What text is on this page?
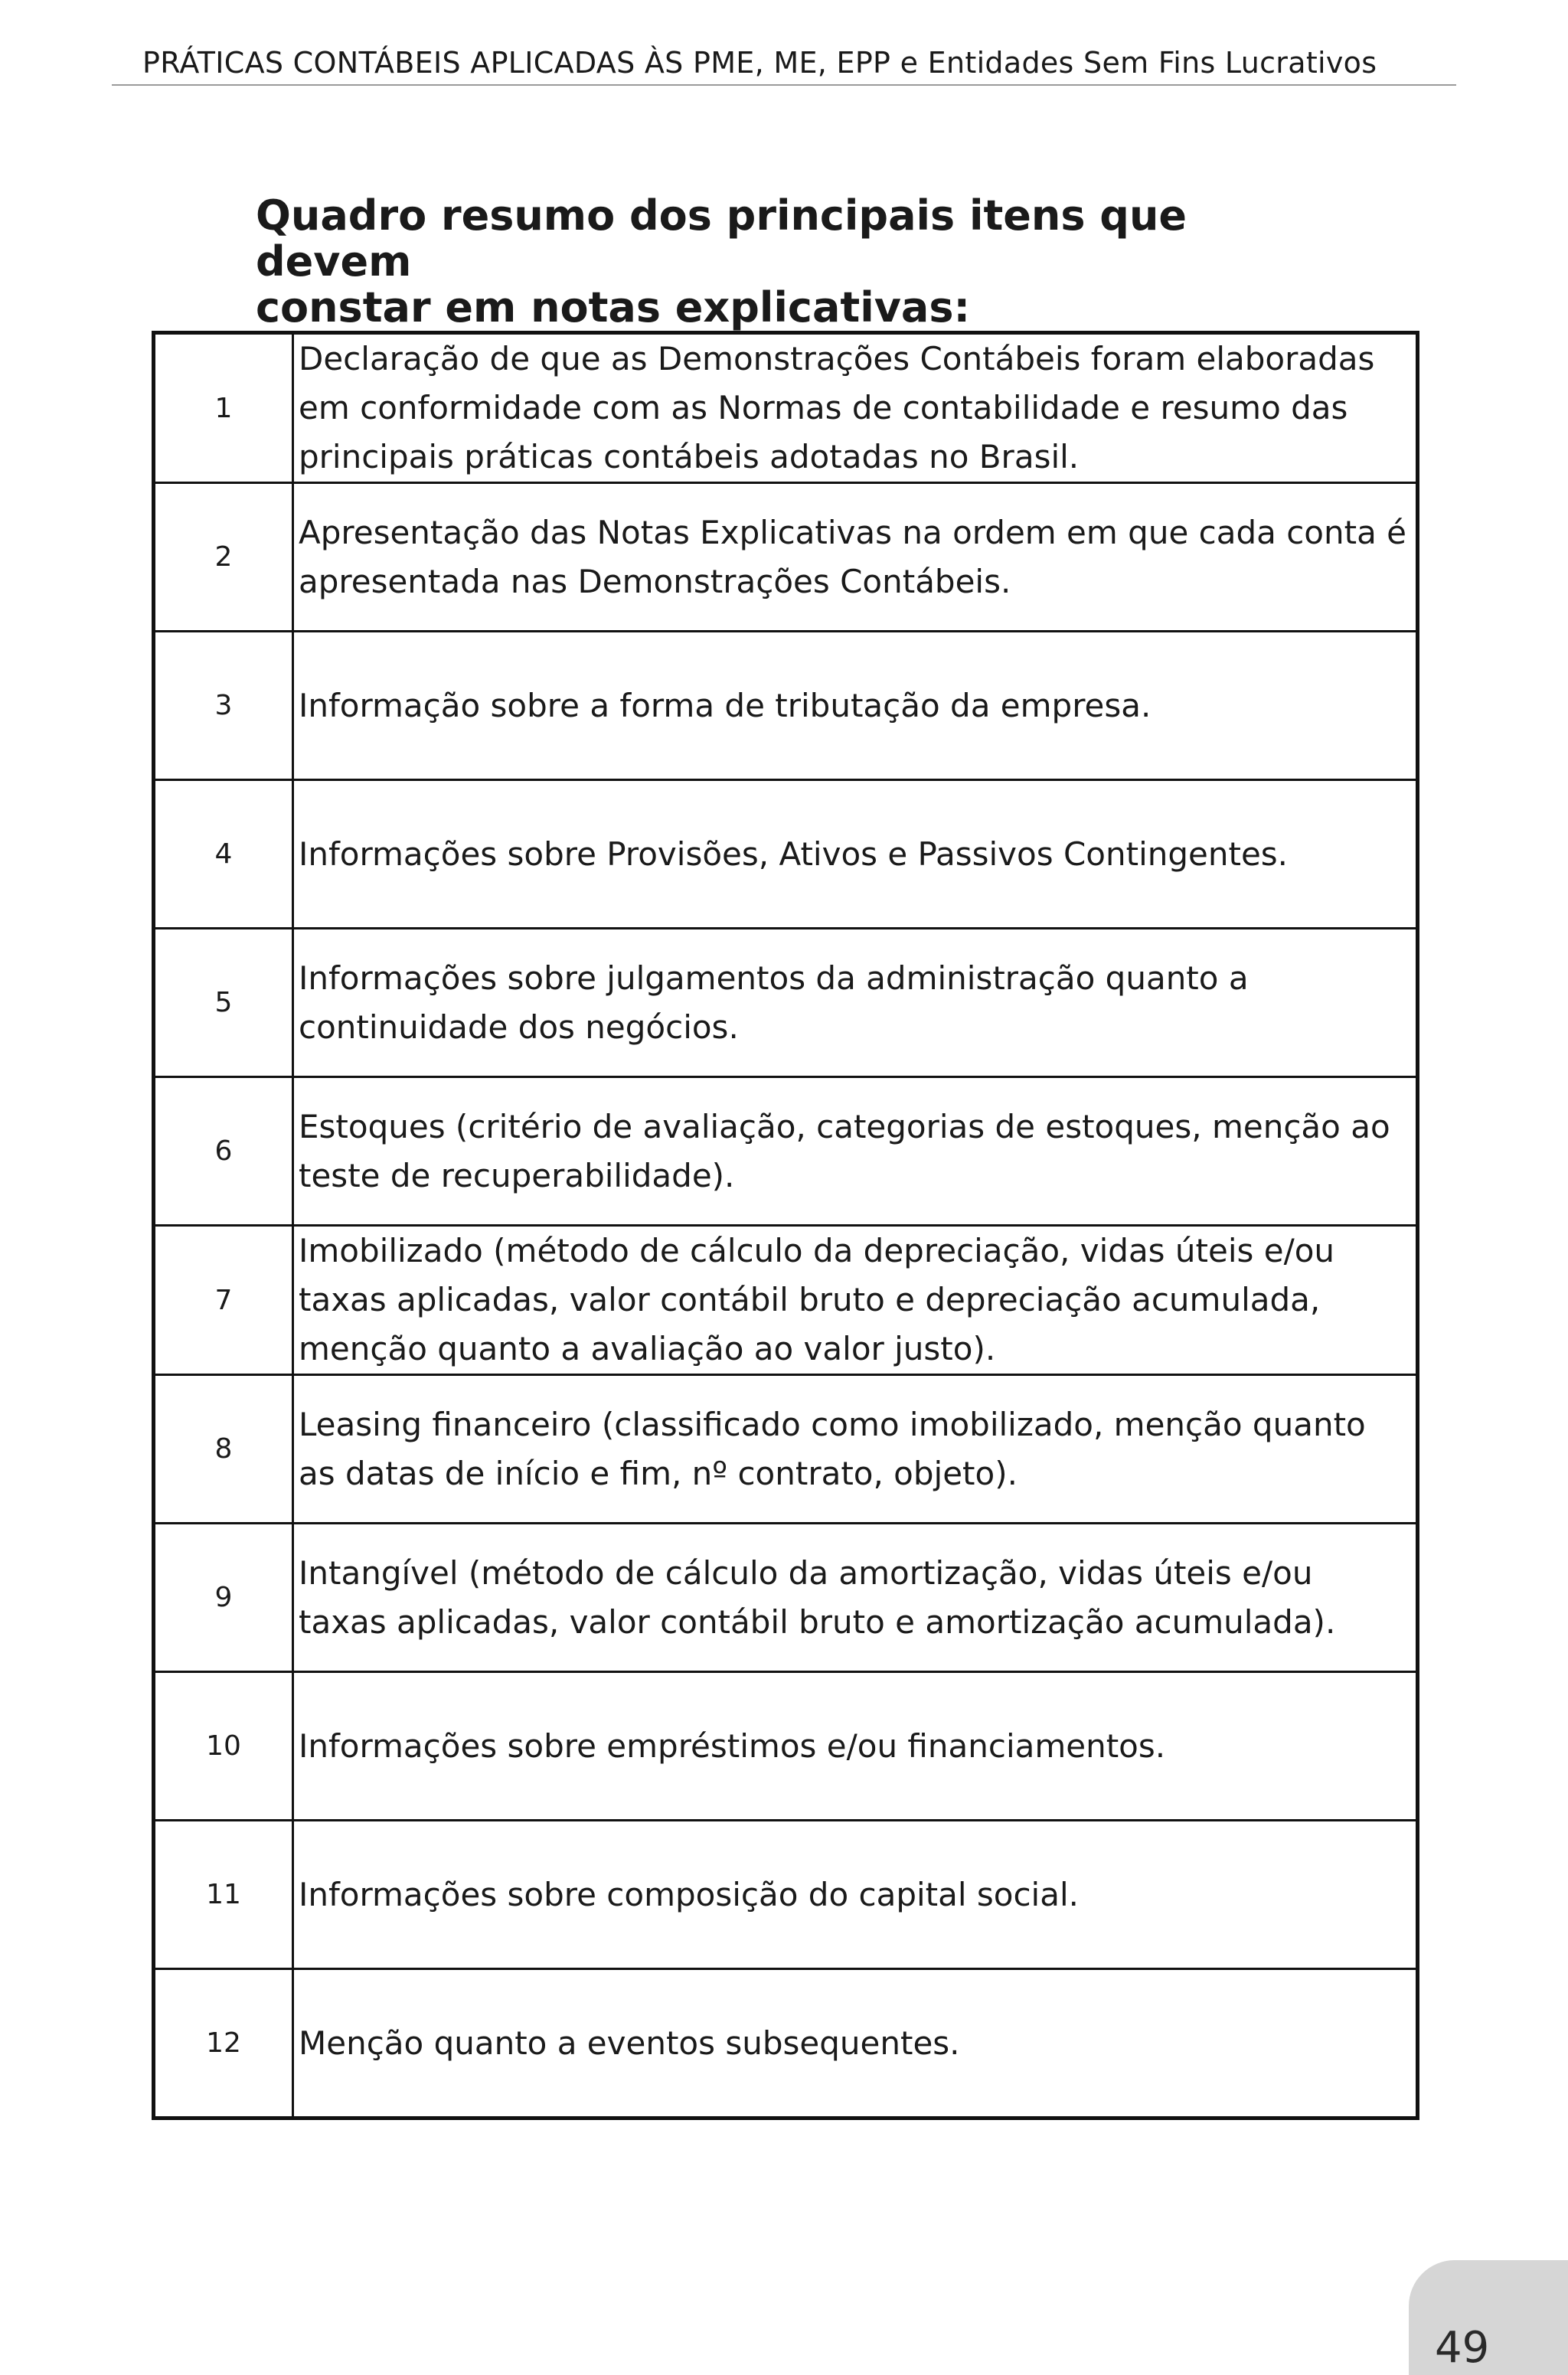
PRÁTICAS CONTÁBEIS APLICADAS ÀS PME, ME, EPP e Entidades Sem Fins Lucrativos
Quadro resumo dos principais itens que devem
constar em notas explicativas:
1	Declaração de que as Demonstrações Contábeis foram elaboradas em conformidade com as Normas de contabilidade e resumo das principais práticas contábeis adotadas no Brasil.
2	Apresentação das Notas Explicativas na ordem em que cada conta é apresentada nas Demonstrações Contábeis.
3	Informação sobre a forma de tributação da empresa.
4	Informações sobre Provisões, Ativos e Passivos Contingentes.
5	Informações sobre julgamentos da administração quanto a continuidade dos negócios.
6	Estoques (critério de avaliação, categorias de estoques, menção ao teste de recuperabilidade).
7	Imobilizado (método de cálculo da depreciação, vidas úteis e/ou taxas aplicadas, valor contábil bruto e depreciação acumulada, menção quanto a avaliação ao valor justo).
8	Leasing financeiro (classificado como imobilizado, menção quanto as datas de início e fim, nº contrato, objeto).
9	Intangível (método de cálculo da amortização, vidas úteis e/ou taxas aplicadas, valor contábil bruto e amortização acumulada).
10	Informações sobre empréstimos e/ou financiamentos.
11	Informações sobre composição do capital social.
12	Menção quanto a eventos subsequentes.
49
